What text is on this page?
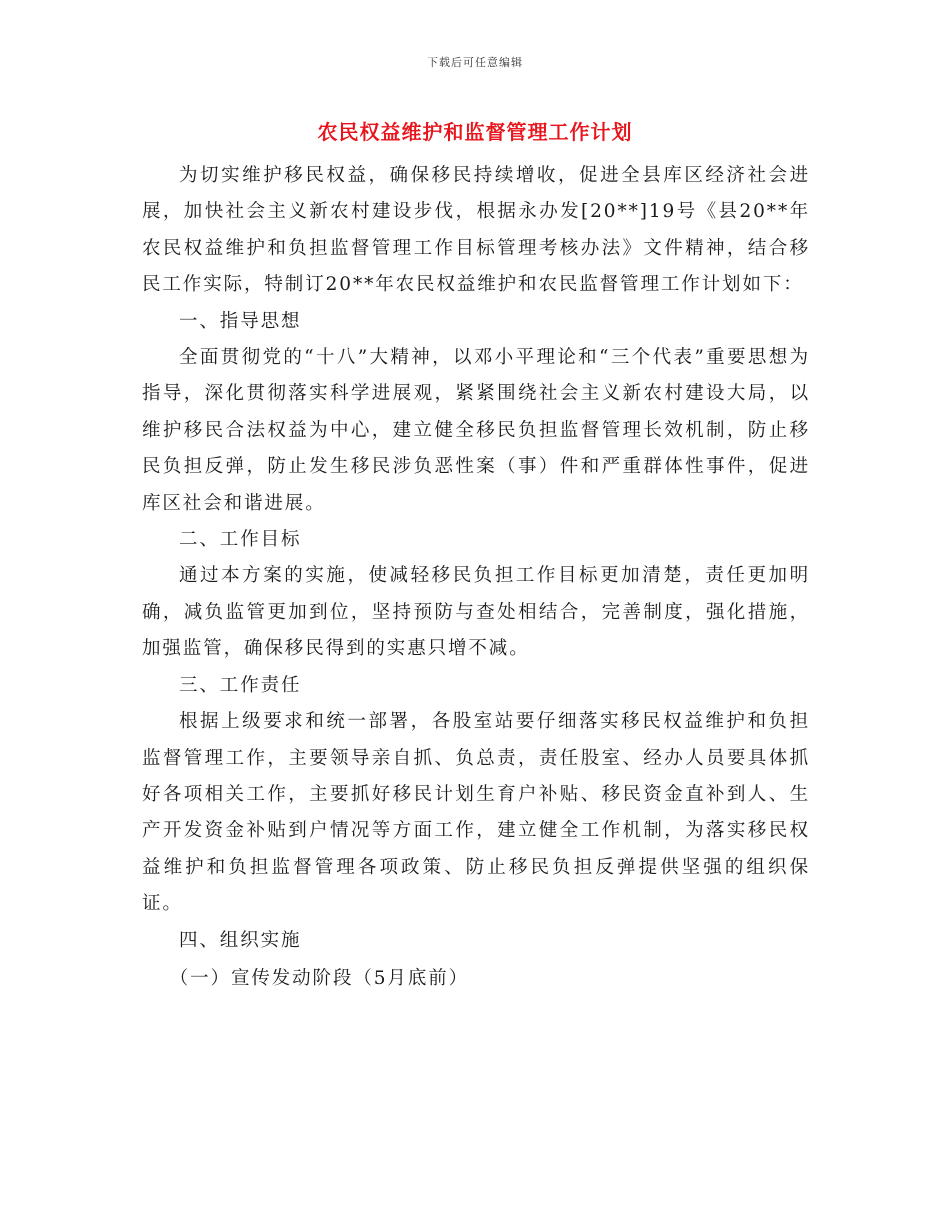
下载后可任意编辑
农民权益维护和监督管理工作计划

为切实维护移民权益，确保移民持续增收，促进全县库区经济社会进展，加快社会主义新农村建设步伐，根据永办发[20**]19号《县20**年农民权益维护和负担监督管理工作目标管理考核办法》文件精神，结合移民工作实际，特制订20**年农民权益维护和农民监督管理工作计划如下：

一、指导思想

全面贯彻党的“十八”大精神，以邓小平理论和“三个代表”重要思想为指导，深化贯彻落实科学进展观，紧紧围绕社会主义新农村建设大局，以维护移民合法权益为中心，建立健全移民负担监督管理长效机制，防止移民负担反弹，防止发生移民涉负恶性案（事）件和严重群体性事件，促进库区社会和谐进展。

二、工作目标

通过本方案的实施，使减轻移民负担工作目标更加清楚，责任更加明确，减负监管更加到位，坚持预防与查处相结合，完善制度，强化措施，加强监管，确保移民得到的实惠只增不减。

三、工作责任

根据上级要求和统一部署，各股室站要仔细落实移民权益维护和负担监督管理工作，主要领导亲自抓、负总责，责任股室、经办人员要具体抓好各项相关工作，主要抓好移民计划生育户补贴、移民资金直补到人、生产开发资金补贴到户情况等方面工作，建立健全工作机制，为落实移民权益维护和负担监督管理各项政策、防止移民负担反弹提供坚强的组织保证。

四、组织实施

（一）宣传发动阶段（5月底前）
